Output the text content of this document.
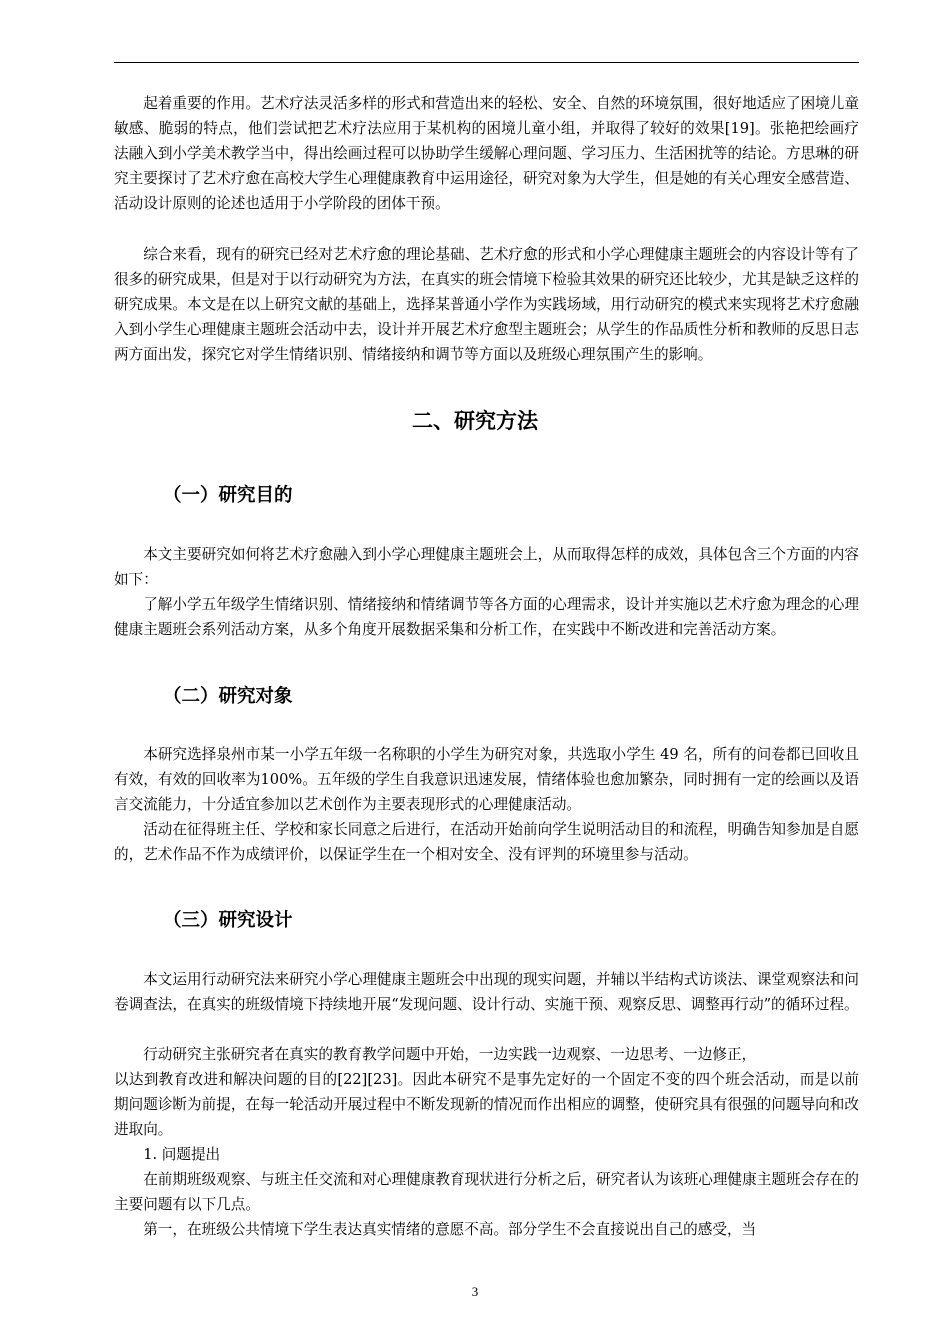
起着重要的作用。艺术疗法灵活多样的形式和营造出来的轻松、安全、自然的环境氛围，很好地适应了困境儿童敏感、脆弱的特点，他们尝试把艺术疗法应用于某机构的困境儿童小组，并取得了较好的效果[19]。张艳把绘画疗法融入到小学美术教学当中，得出绘画过程可以协助学生缓解心理问题、学习压力、生活困扰等的结论。方思琳的研究主要探讨了艺术疗愈在高校大学生心理健康教育中运用途径，研究对象为大学生，但是她的有关心理安全感营造、活动设计原则的论述也适用于小学阶段的团体干预。

综合来看，现有的研究已经对艺术疗愈的理论基础、艺术疗愈的形式和小学心理健康主题班会的内容设计等有了很多的研究成果，但是对于以行动研究为方法，在真实的班会情境下检验其效果的研究还比较少，尤其是缺乏这样的研究成果。本文是在以上研究文献的基础上，选择某普通小学作为实践场域，用行动研究的模式来实现将艺术疗愈融入到小学生心理健康主题班会活动中去，设计并开展艺术疗愈型主题班会；从学生的作品质性分析和教师的反思日志两方面出发，探究它对学生情绪识别、情绪接纳和调节等方面以及班级心理氛围产生的影响。

二、研究方法
（一）研究目的

本文主要研究如何将艺术疗愈融入到小学心理健康主题班会上，从而取得怎样的成效，具体包含三个方面的内容如下：

了解小学五年级学生情绪识别、情绪接纳和情绪调节等各方面的心理需求，设计并实施以艺术疗愈为理念的心理健康主题班会系列活动方案，从多个角度开展数据采集和分析工作，在实践中不断改进和完善活动方案。

（二）研究对象

本研究选择泉州市某一小学五年级一名称职的小学生为研究对象，共选取小学生 49 名，所有的问卷都已回收且有效，有效的回收率为100%。五年级的学生自我意识迅速发展，情绪体验也愈加繁杂，同时拥有一定的绘画以及语言交流能力，十分适宜参加以艺术创作为主要表现形式的心理健康活动。

活动在征得班主任、学校和家长同意之后进行，在活动开始前向学生说明活动目的和流程，明确告知参加是自愿的，艺术作品不作为成绩评价，以保证学生在一个相对安全、没有评判的环境里参与活动。

（三）研究设计

本文运用行动研究法来研究小学心理健康主题班会中出现的现实问题，并辅以半结构式访谈法、课堂观察法和问卷调查法，在真实的班级情境下持续地开展“发现问题、设计行动、实施干预、观察反思、调整再行动”的循环过程。

行动研究主张研究者在真实的教育教学问题中开始，一边实践一边观察、一边思考、一边修正，

以达到教育改进和解决问题的目的[22][23]。因此本研究不是事先定好的一个固定不变的四个班会活动，而是以前期问题诊断为前提，在每一轮活动开展过程中不断发现新的情况而作出相应的调整，使研究具有很强的问题导向和改进取向。

1. 问题提出

在前期班级观察、与班主任交流和对心理健康教育现状进行分析之后，研究者认为该班心理健康主题班会存在的主要问题有以下几点。

第一，在班级公共情境下学生表达真实情绪的意愿不高。部分学生不会直接说出自己的感受，当

3
